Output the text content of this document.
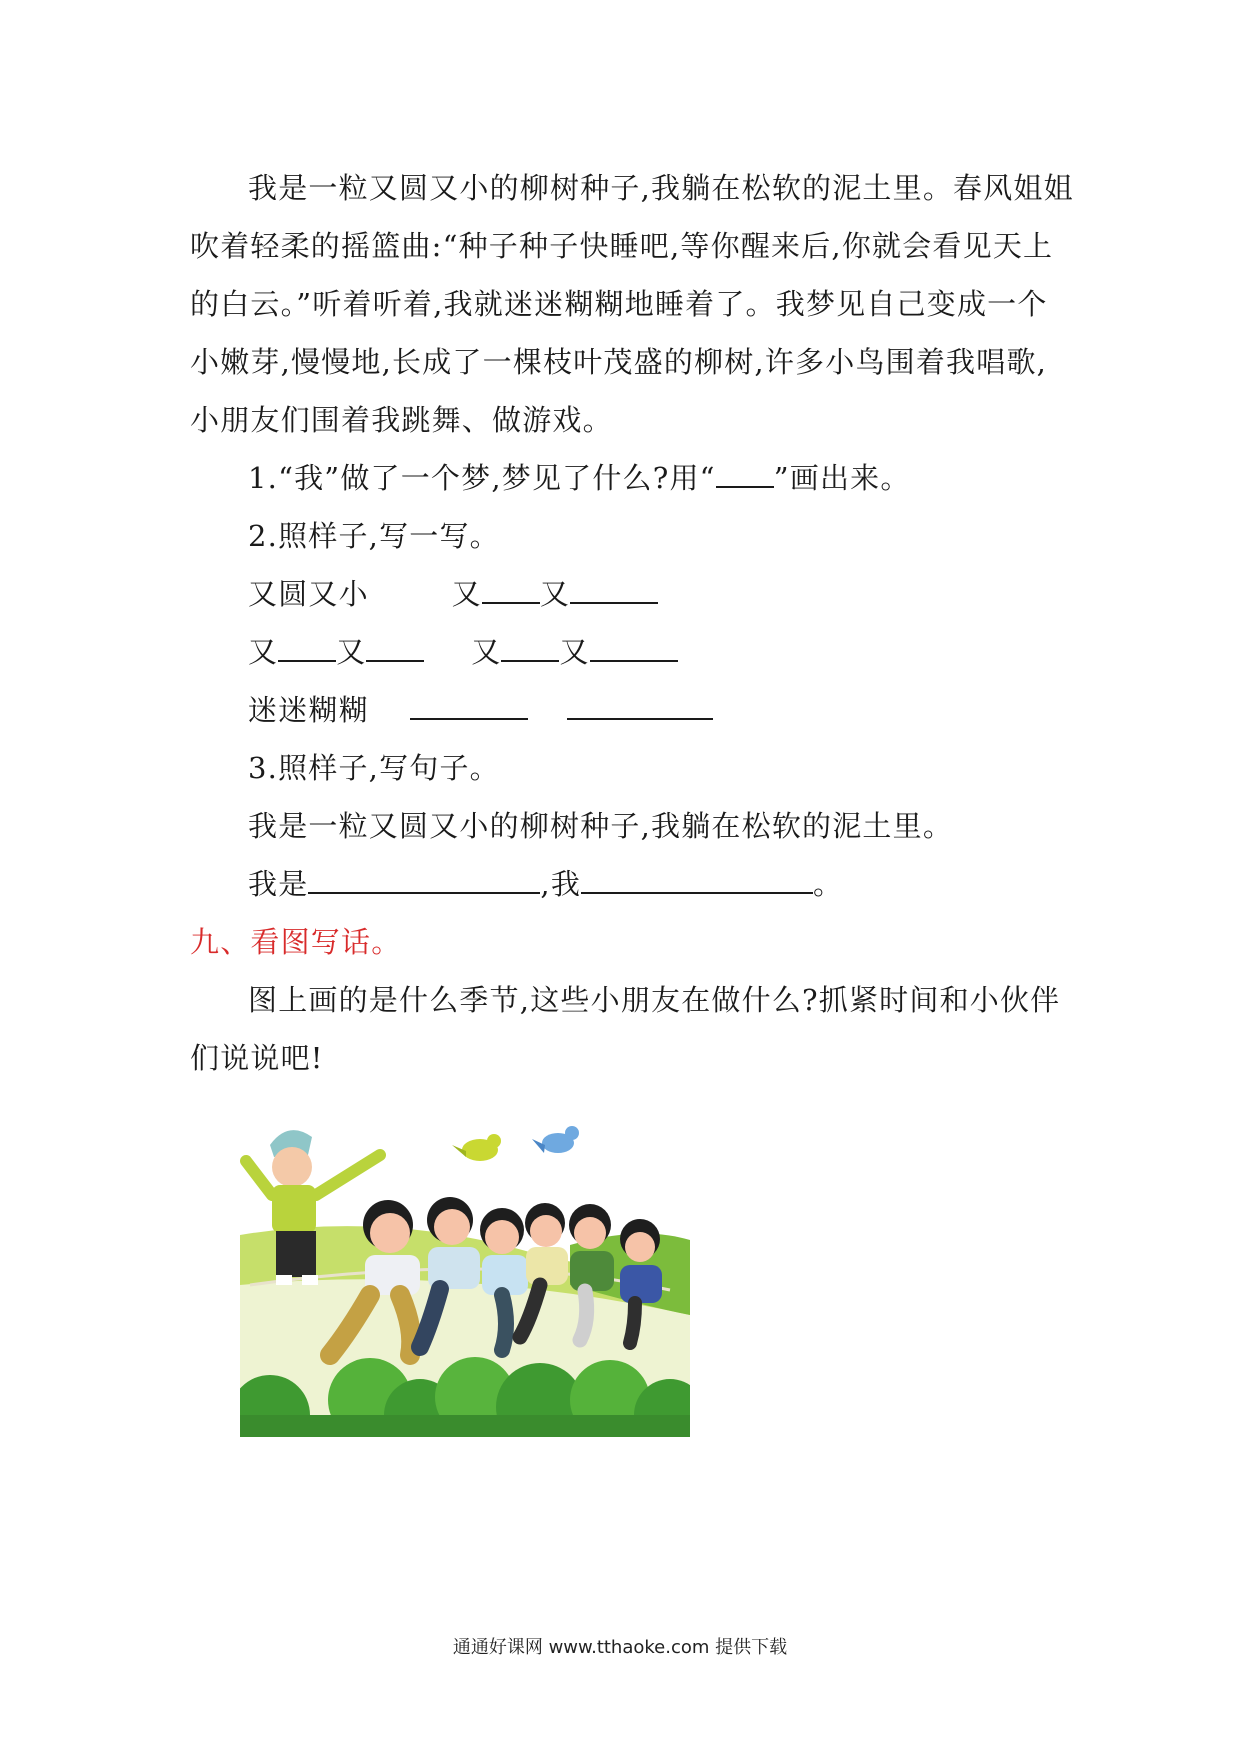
我是一粒又圆又小的柳树种子,我躺在松软的泥土里。春风姐姐
吹着轻柔的摇篮曲:“种子种子快睡吧,等你醒来后,你就会看见天上
的白云。”听着听着,我就迷迷糊糊地睡着了。我梦见自己变成一个
小嫩芽,慢慢地,长成了一棵枝叶茂盛的柳树,许多小鸟围着我唱歌,
小朋友们围着我跳舞、做游戏。
1.“我”做了一个梦,梦见了什么?用“ ”画出来。
2.照样子,写一写。
又圆又小	又 又
又 又	又 又
迷迷糊糊
3.照样子,写句子。
我是一粒又圆又小的柳树种子,我躺在松软的泥土里。
我是	,我	。
九、看图写话。
图上画的是什么季节,这些小朋友在做什么?抓紧时间和小伙伴
们说说吧!
通通好课网 www.tthaoke.com 提供下载
